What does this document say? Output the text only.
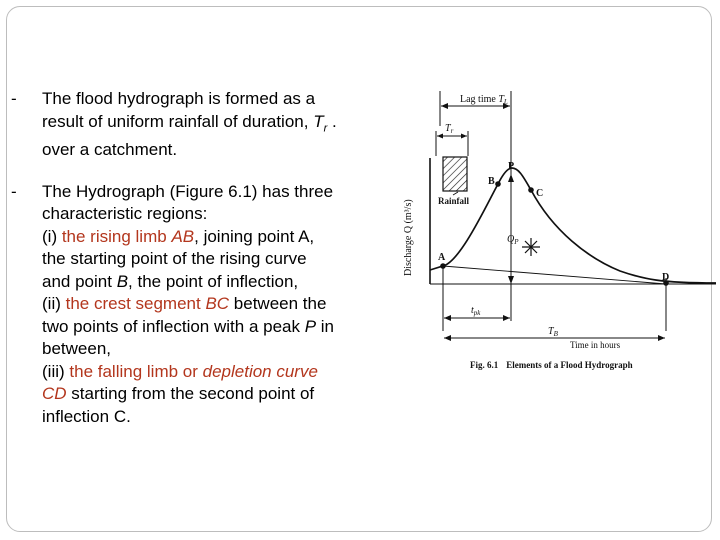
- The flood hydrograph is formed as a
result of uniform rainfall of duration, $T_r$ .
over a catchment.
- The Hydrograph (Figure 6.1) has three
characteristic regions:
(i) the rising limb AB, joining point A,
the starting point of the rising curve
and point B, the point of inflection,
(ii) the crest segment BC between the
two points of inflection with a peak P in
between,
(iii) the falling limb or depletion curve
CD starting from the second point of
inflection C.
Lag time $T_L$
$T_r$
Rainfall
Discharge Q (m³/s) A
B
P
C
D
$Q_P$
$t_{pk}$
$T_B$
Time in hours
Fig. 6.1 Elements of a Flood Hydrograph
